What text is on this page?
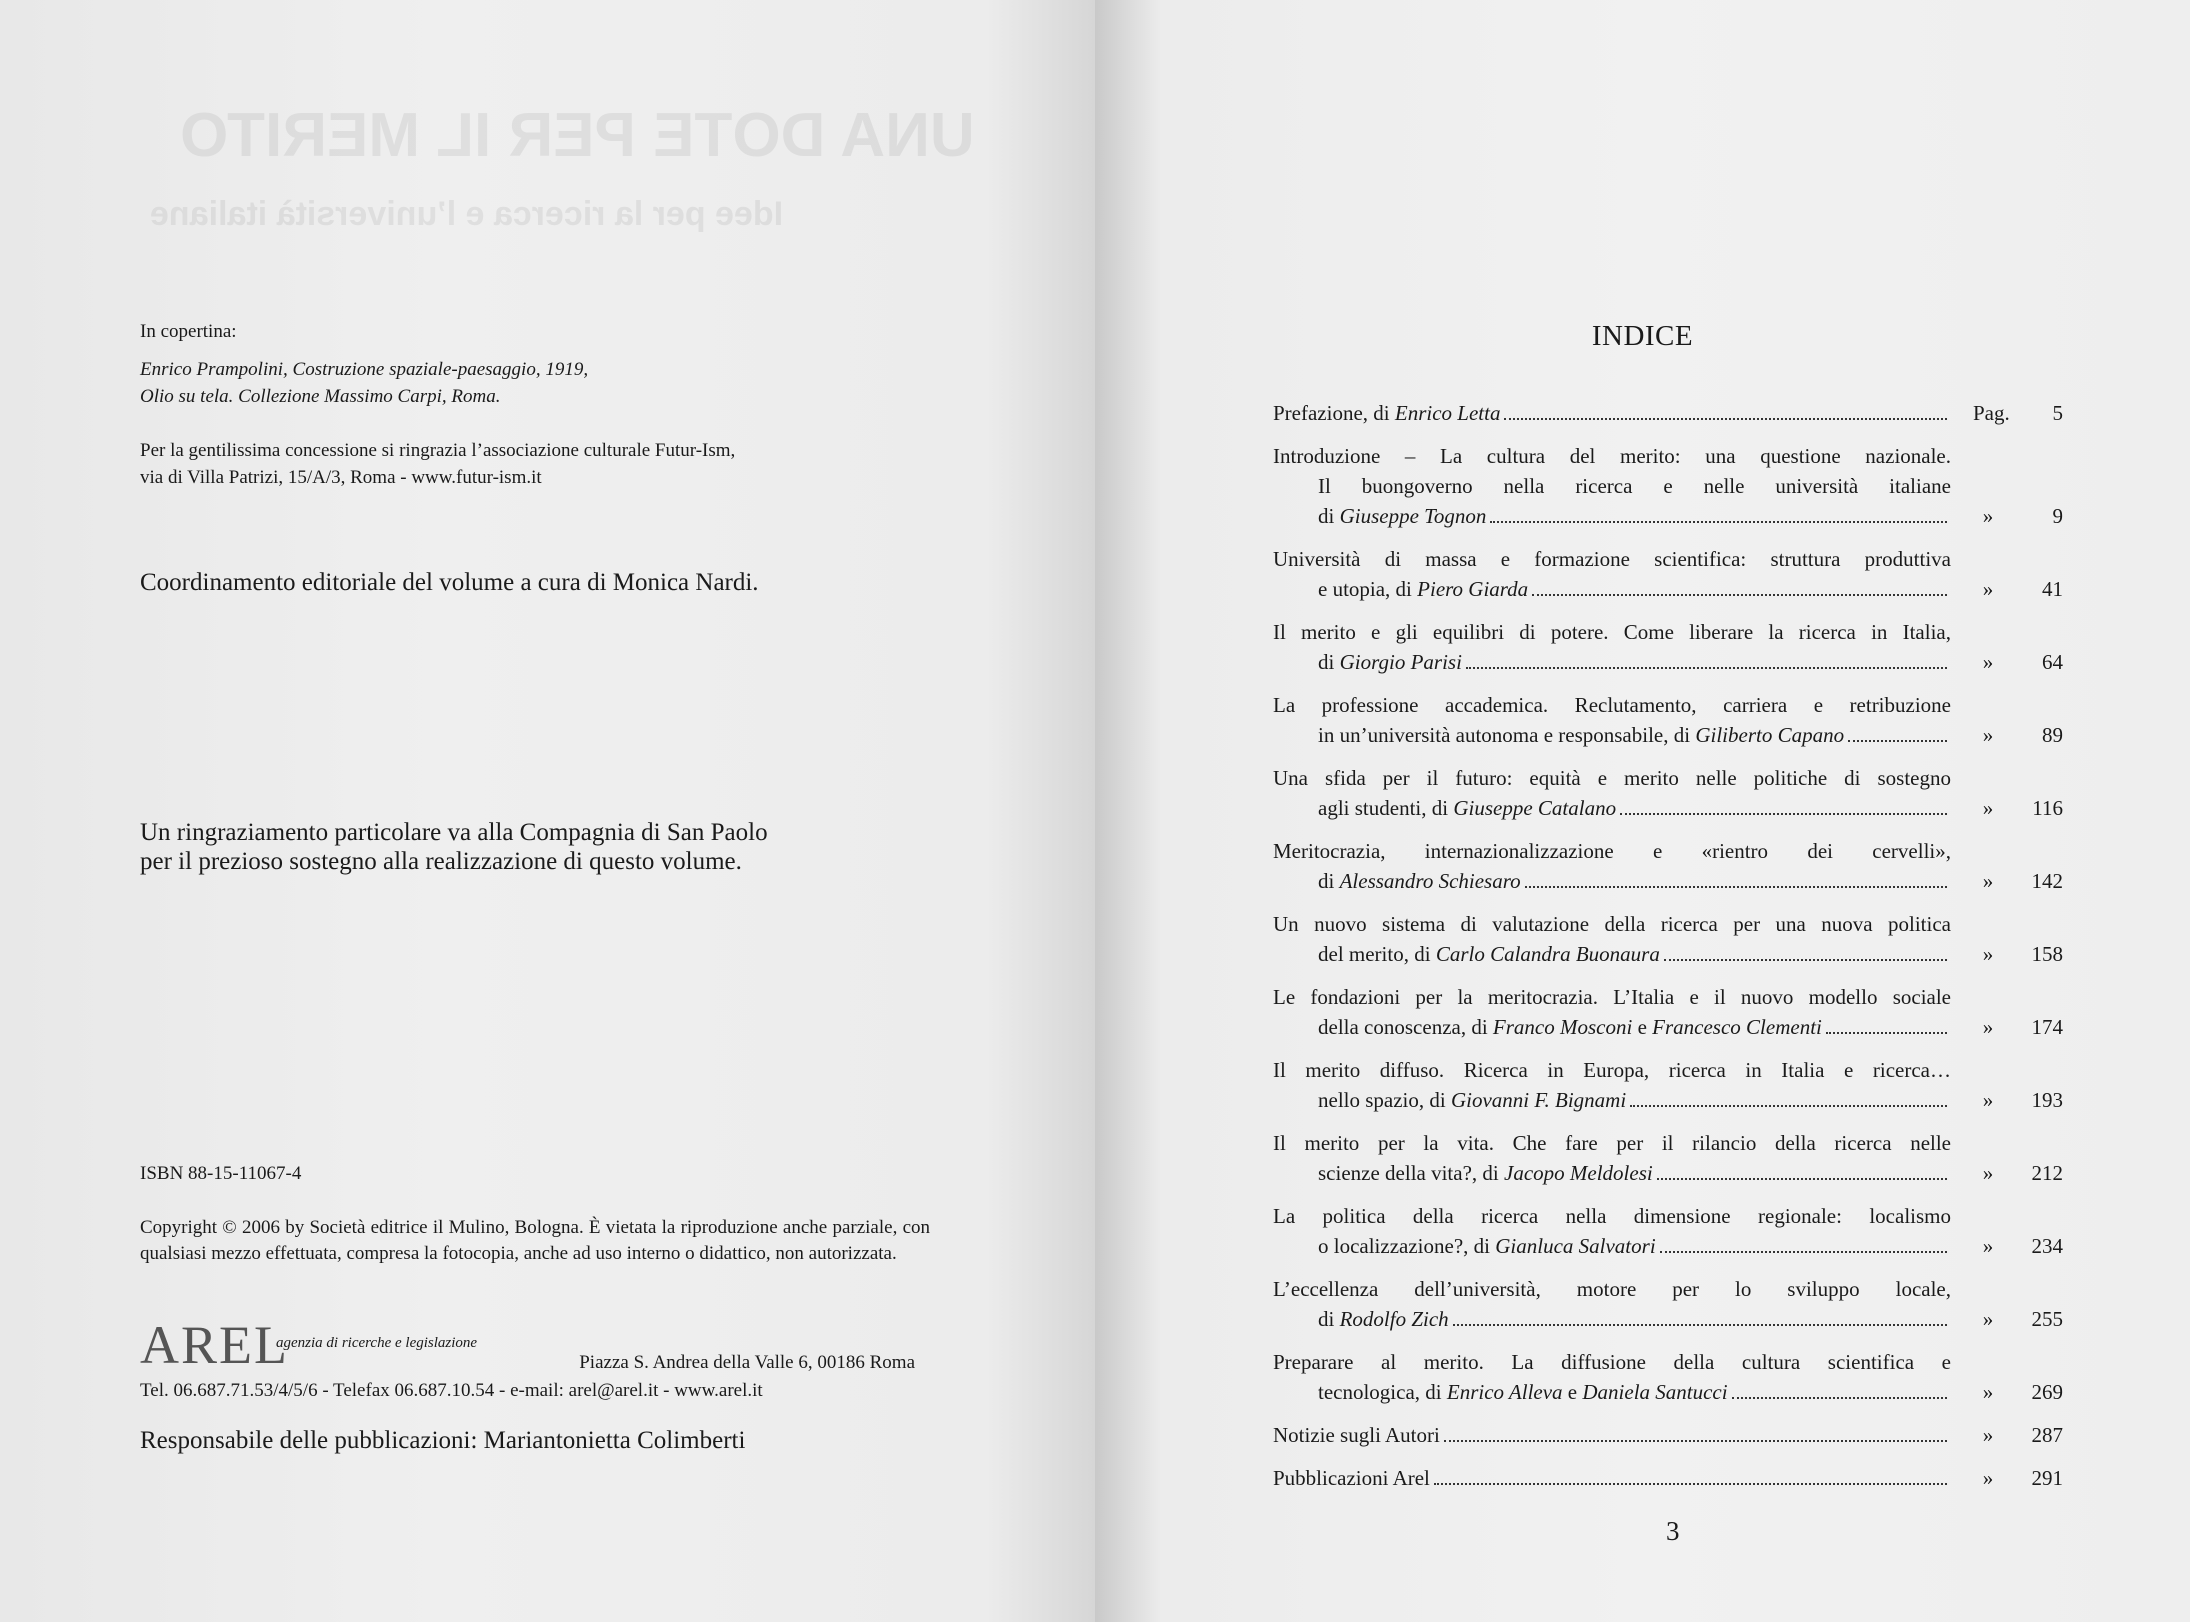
UNA DOTE PER IL MERITO
Idee per la ricerca e l’università italiane
In copertina:
Enrico Prampolini, Costruzione spaziale-paesaggio, 1919,
Olio su tela. Collezione Massimo Carpi, Roma.
Per la gentilissima concessione si ringrazia l’associazione culturale Futur-Ism,
via di Villa Patrizi, 15/A/3, Roma - www.futur-ism.it
Coordinamento editoriale del volume a cura di Monica Nardi.
Un ringraziamento particolare va alla Compagnia di San Paolo
per il prezioso sostegno alla realizzazione di questo volume.
ISBN 88-15-11067-4
Copyright © 2006 by Società editrice il Mulino, Bologna. È vietata la riproduzione anche parziale, con qualsiasi mezzo effettuata, compresa la fotocopia, anche ad uso interno o didattico, non autorizzata.
AREL
agenzia di ricerche e legislazione
Piazza S. Andrea della Valle 6, 00186 Roma
Tel. 06.687.71.53/4/5/6 - Telefax 06.687.10.54 - e-mail: arel@arel.it - www.arel.it
Responsabile delle pubblicazioni: Mariantonietta Colimberti
INDICE
Prefazione, di Enrico Letta	Pag.	5
Introduzione – La cultura del merito: una questione nazionale.
Il buongoverno nella ricerca e nelle università italiane
di Giuseppe Tognon	»	9
Università di massa e formazione scientifica: struttura produttiva
e utopia, di Piero Giarda	»	41
Il merito e gli equilibri di potere. Come liberare la ricerca in Italia,
di Giorgio Parisi	»	64
La professione accademica. Reclutamento, carriera e retribuzione
in un’università autonoma e responsabile, di Giliberto Capano	»	89
Una sfida per il futuro: equità e merito nelle politiche di sostegno
agli studenti, di Giuseppe Catalano	»	116
Meritocrazia, internazionalizzazione e «rientro dei cervelli»,
di Alessandro Schiesaro	»	142
Un nuovo sistema di valutazione della ricerca per una nuova politica
del merito, di Carlo Calandra Buonaura	»	158
Le fondazioni per la meritocrazia. L’Italia e il nuovo modello sociale
della conoscenza, di Franco Mosconi e Francesco Clementi	»	174
Il merito diffuso. Ricerca in Europa, ricerca in Italia e ricerca…
nello spazio, di Giovanni F. Bignami	»	193
Il merito per la vita. Che fare per il rilancio della ricerca nelle
scienze della vita?, di Jacopo Meldolesi	»	212
La politica della ricerca nella dimensione regionale: localismo
o localizzazione?, di Gianluca Salvatori	»	234
L’eccellenza dell’università, motore per lo sviluppo locale,
di Rodolfo Zich	»	255
Preparare al merito. La diffusione della cultura scientifica e
tecnologica, di Enrico Alleva e Daniela Santucci	»	269
Notizie sugli Autori	»	287
Pubblicazioni Arel	»	291
3
